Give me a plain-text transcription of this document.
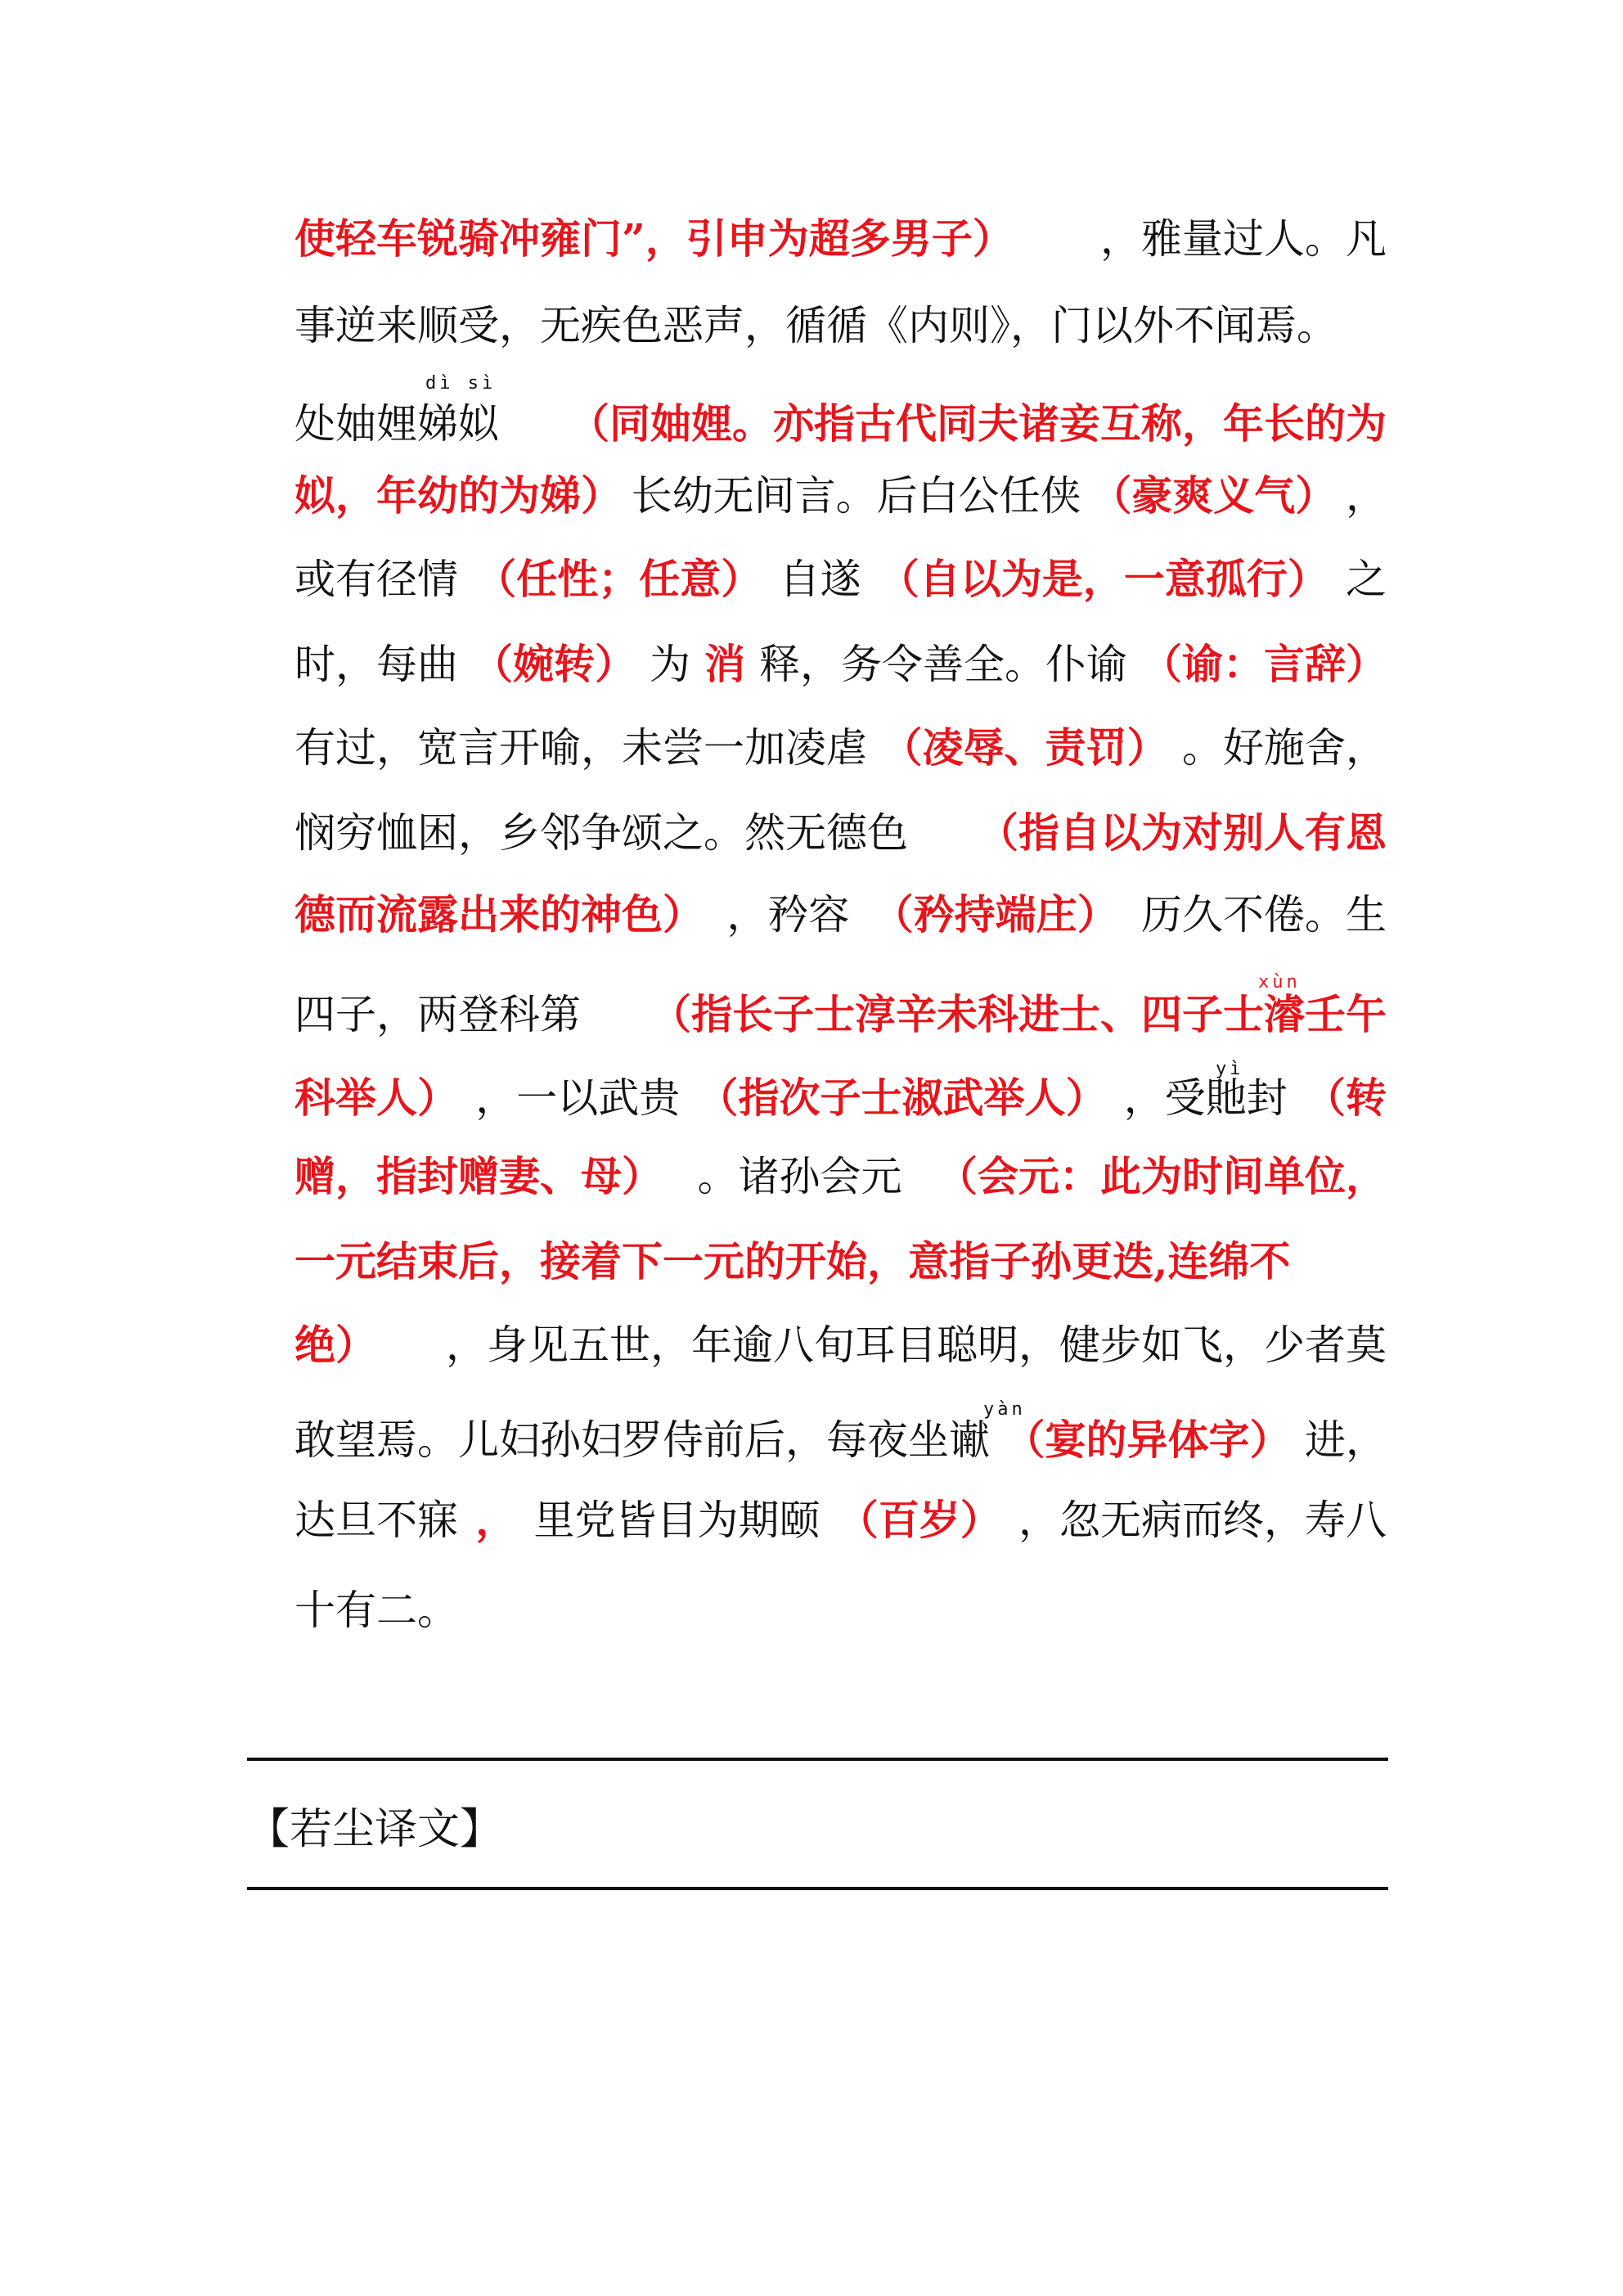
使轻车锐骑冲雍门”，引申为超多男子） ，雅量过人。凡
事逆来顺受，无疾色恶声，循循《内则》，门以外不闻焉。
处妯娌娣姒 （同妯娌。亦指古代同夫诸妾互称，年长的为
姒，年幼的为娣） 长幼无间言。后白公任侠 （豪爽义气） ，
或有径情 （任性；任意） 自遂 （自以为是，一意孤行） 之
时，每曲 （婉转） 为 消 释，务令善全。仆谕 （谕：言辞）
有过，宽言开喻，未尝一加凌虐 （凌辱、责罚） 。好施舍，
悯穷恤困，乡邻争颂之。然无德色 （指自以为对别人有恩
德而流露出来的神色） ，矜容 （矜持端庄） 历久不倦。生
四子，两登科第 （指长子士淳辛未科进士、四子士濬壬午
科举人） ，一以武贵 （指次子士淑武举人） ，受貤封 （转
赠，指封赠妻、母） 。诸孙会元 （会元：此为时间单位，
一元结束后，接着下一元的开始，意指子孙更迭,连绵不
绝） ，身见五世，年逾八旬耳目聪明，健步如飞，少者莫
敢望焉。儿妇孙妇罗侍前后，每夜坐谳 （宴的异体字） 进，
达旦不寐 ， 里党皆目为期颐 （百岁） ，忽无病而终，寿八
十有二。
dì sì
xùn
yì
yàn
【若尘译文】
